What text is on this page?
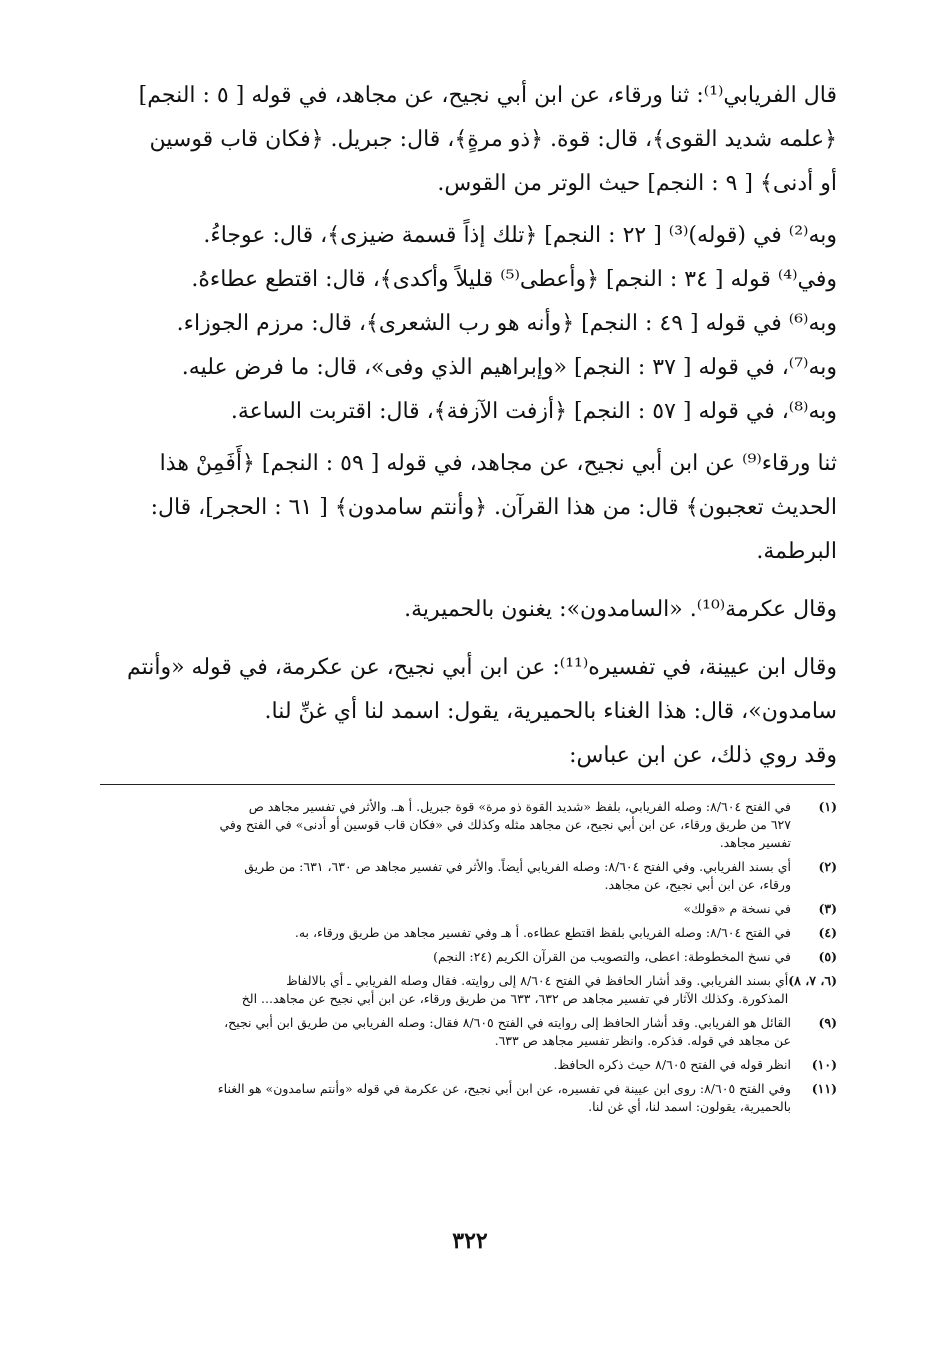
قال الفريابي⁽¹⁾: ثنا ورقاء، عن ابن أبي نجيح، عن مجاهد، في قوله [ ٥ : النجم]
﴿علمه شديد القوى﴾، قال: قوة. ﴿ذو مرةٍ﴾، قال: جبريل. ﴿فكان قاب قوسين
أو أدنى﴾ [ ٩ : النجم] حيث الوتر من القوس.

وبه⁽²⁾ في (قوله)⁽³⁾ [ ٢٢ : النجم] ﴿تلك إذاً قسمة ضيزى﴾، قال: عوجاءُ.

وفي⁽⁴⁾ قوله [ ٣٤ : النجم] ﴿وأعطى⁽⁵⁾ قليلاً وأكدى﴾، قال: اقتطع عطاءهُ.

وبه⁽⁶⁾ في قوله [ ٤٩ : النجم] ﴿وأنه هو رب الشعرى﴾، قال: مرزم الجوزاء.

وبه⁽⁷⁾، في قوله [ ٣٧ : النجم] «وإبراهيم الذي وفى»، قال: ما فرض عليه.

وبه⁽⁸⁾، في قوله [ ٥٧ : النجم] ﴿أزفت الآزفة﴾، قال: اقتربت الساعة.

ثنا ورقاء⁽⁹⁾ عن ابن أبي نجيح، عن مجاهد، في قوله [ ٥٩ : النجم] ﴿أَفَمِنْ هذا
الحديث تعجبون﴾ قال: من هذا القرآن. ﴿وأنتم سامدون﴾ [ ٦١ : الحجر]، قال:
البرطمة.

وقال عكرمة⁽¹⁰⁾. «السامدون»: يغنون بالحميرية.

وقال ابن عيينة، في تفسيره⁽¹¹⁾: عن ابن أبي نجيح، عن عكرمة، في قوله «وأنتم
سامدون»، قال: هذا الغناء بالحميرية، يقول: اسمد لنا أي غنِّ لنا.

وقد روي ذلك، عن ابن عباس:

(١)
في الفتح ٨/٦٠٤: وصله الفريابي، بلفظ «شديد القوة ذو مرة» قوة جبريل. أ هـ. والأثر في تفسير مجاهد ص
٦٢٧ من طريق ورقاء، عن ابن أبي نجيح، عن مجاهد مثله وكذلك في «فكان قاب قوسين أو أدنى» في الفتح وفي
تفسير مجاهد.
(٢)
أي بسند الفريابي. وفي الفتح ٨/٦٠٤: وصله الفريابي أيضاً. والأثر في تفسير مجاهد ص ٦٣٠، ٦٣١: من طريق
ورقاء، عن ابن أبي نجيح، عن مجاهد.
(٣)
في نسخة م «قولك»
(٤)
في الفتح ٨/٦٠٤: وصله الفريابي بلفظ اقتطع عطاءه. أ هـ وفي تفسير مجاهد من طريق ورقاء، به.
(٥)
في نسخ المخطوطة: اعطى، والتصويب من القرآن الكريم (٢٤: النجم)
(٦، ٧، ٨)
أي بسند الفريابي. وقد أشار الحافظ في الفتح ٨/٦٠٤ إلى روايته. فقال وصله الفريابي ـ أي بالالفاظ
المذكورة. وكذلك الآثار في تفسير مجاهد ص ٦٣٢، ٦٣٣ من طريق ورقاء، عن ابن أبي نجيح عن مجاهد... الخ
(٩)
القائل هو الفريابي. وقد أشار الحافظ إلى روايته في الفتح ٨/٦٠٥ فقال: وصله الفريابي من طريق ابن أبي نجيح،
عن مجاهد في قوله. فذكره. وانظر تفسير مجاهد ص ٦٣٣.
(١٠)
انظر قوله في الفتح ٨/٦٠٥ حيث ذكره الحافظ.
(١١)
وفي الفتح ٨/٦٠٥: روى ابن عيينة في تفسيره، عن ابن أبي نجيح، عن عكرمة في قوله «وأنتم سامدون» هو الغناء
بالحميرية، يقولون: اسمد لنا، أي غن لنا.
٣٢٢
